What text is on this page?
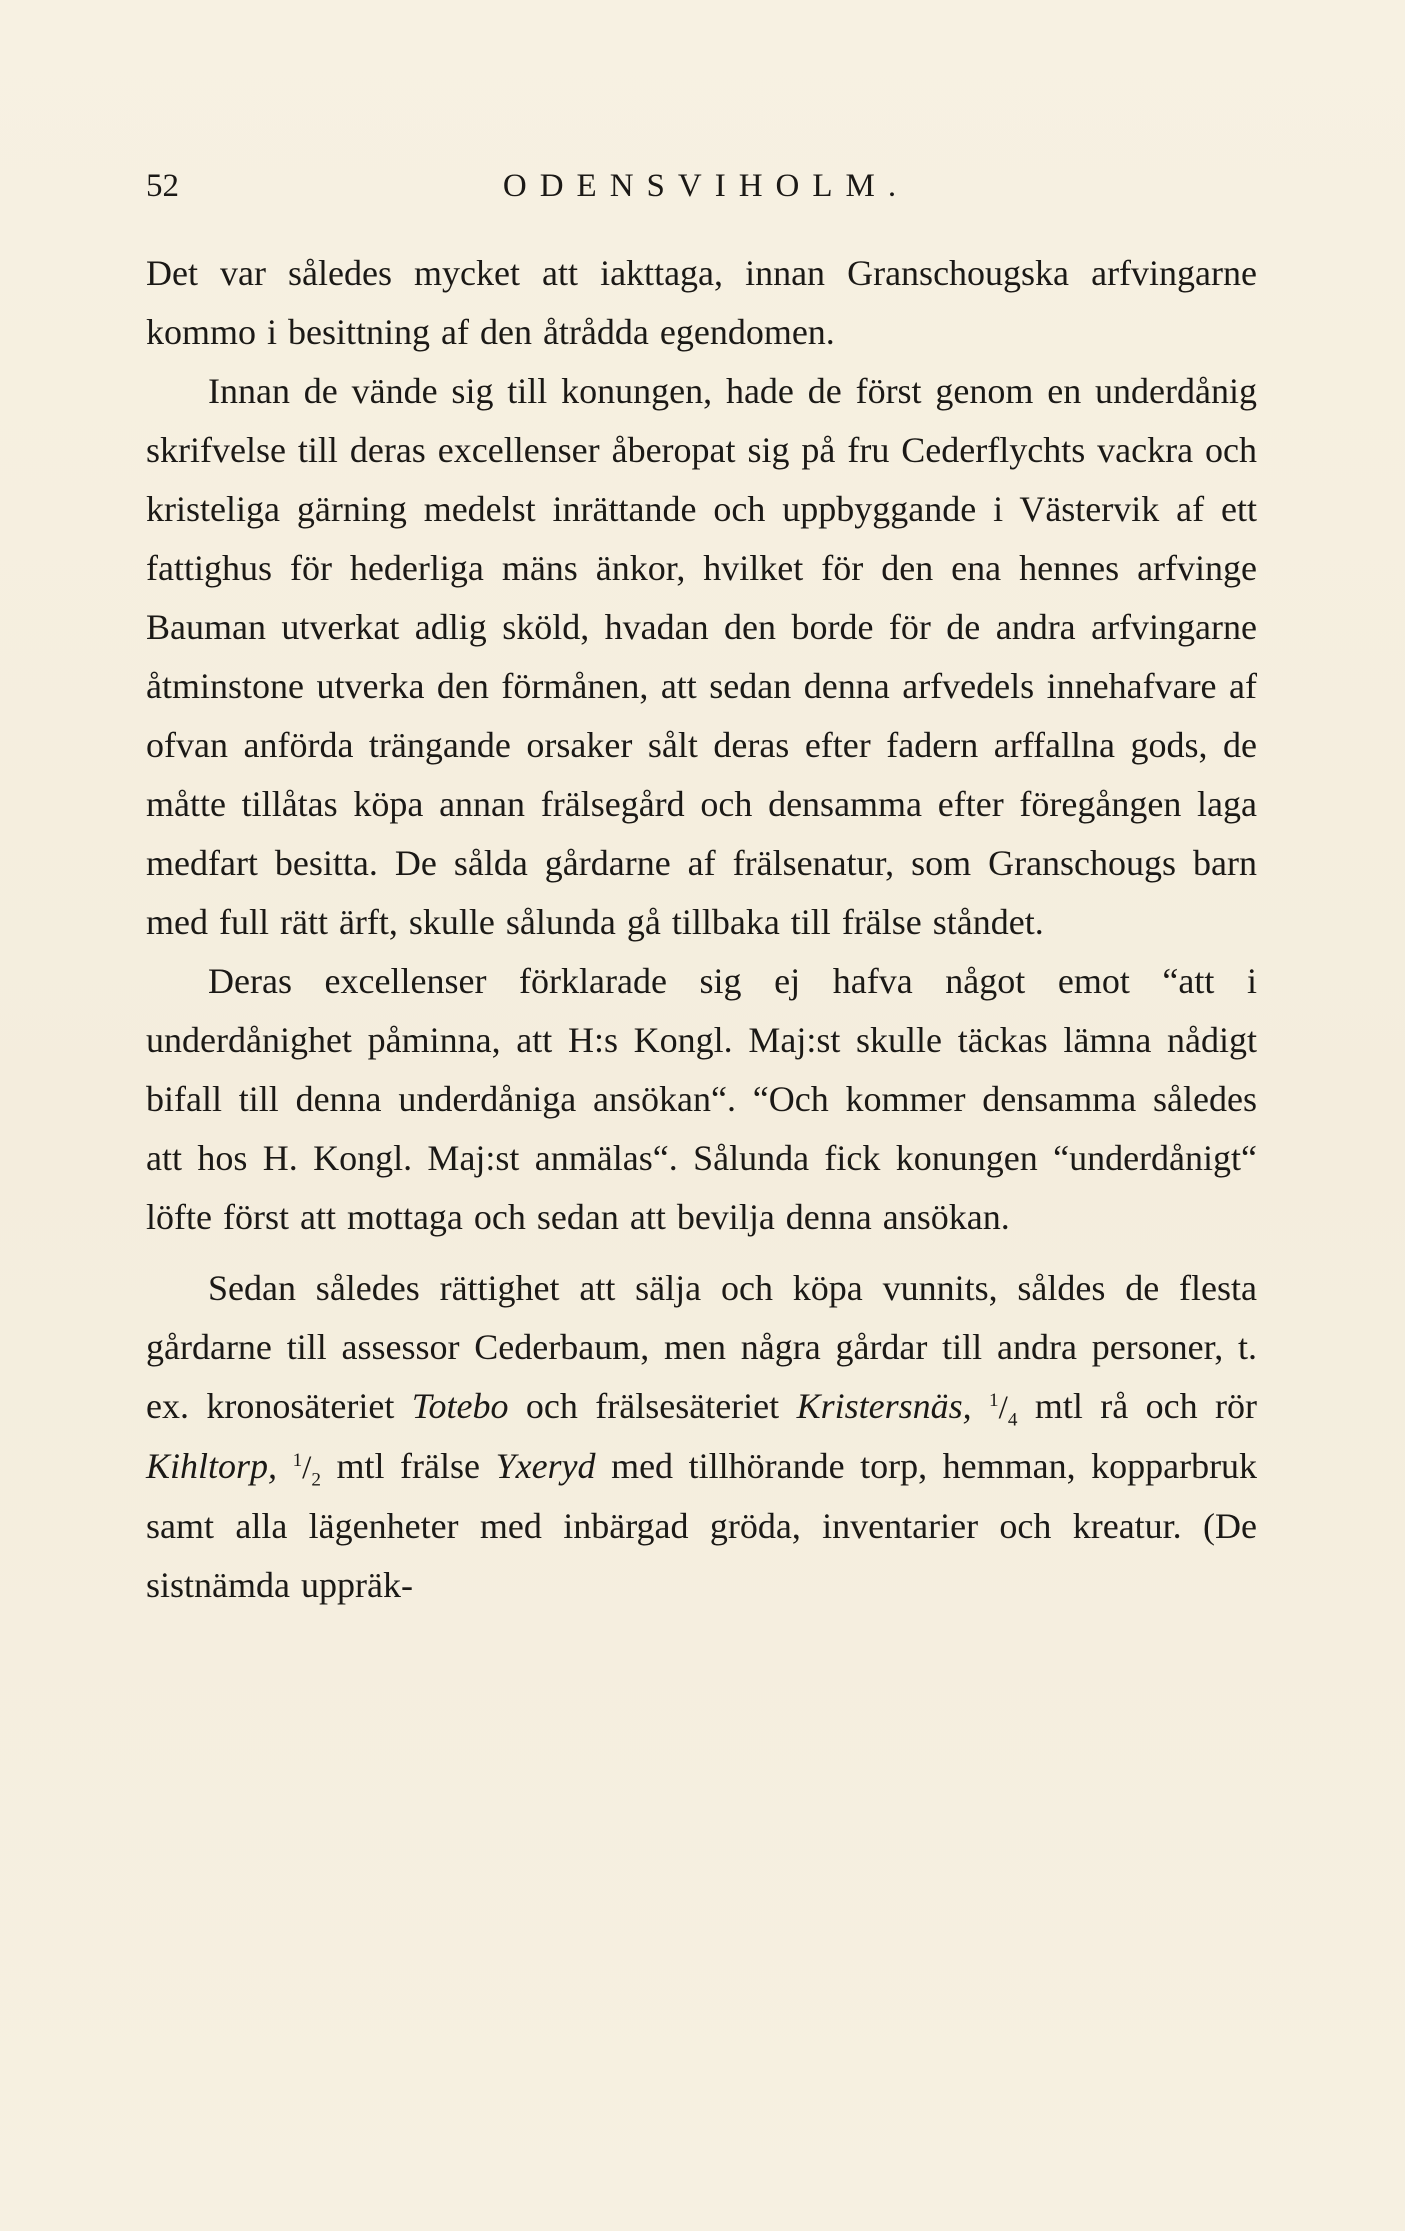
52	ODENSVIHOLM.

Det var således mycket att iakttaga, innan Granschougska arfvingarne kommo i besittning af den åtrådda egendomen.

Innan de vände sig till konungen, hade de först genom en underdånig skrifvelse till deras excellenser åberopat sig på fru Cederflychts vackra och kristeliga gärning medelst inrättande och uppbyggande i Västervik af ett fattighus för hederliga mäns änkor, hvilket för den ena hennes arfvinge Bauman utverkat adlig sköld, hvadan den borde för de andra arfvingarne åtminstone utverka den förmånen, att sedan denna arfvedels innehafvare af ofvan anförda trängande orsaker sålt deras efter fadern arffallna gods, de måtte tillåtas köpa annan frälsegård och densamma efter föregången laga medfart besitta. De sålda gårdarne af frälsenatur, som Granschougs barn med full rätt ärft, skulle sålunda gå tillbaka till frälse ståndet.

Deras excellenser förklarade sig ej hafva något emot “att i underdånighet påminna, att H:s Kongl. Maj:st skulle täckas lämna nådigt bifall till denna underdåniga ansökan“. “Och kommer densamma således att hos H. Kongl. Maj:st anmälas“. Sålunda fick konungen “underdånigt“ löfte först att mottaga och sedan att bevilja denna ansökan.

Sedan således rättighet att sälja och köpa vunnits, såldes de flesta gårdarne till assessor Cederbaum, men några gårdar till andra personer, t. ex. kronosäteriet Totebo och frälsesäteriet Kristersnäs, $^1/_4$ mtl rå och rör Kihltorp, $^1/_2$ mtl frälse Yxeryd med tillhörande torp, hemman, kopparbruk samt alla lägenheter med inbärgad gröda, inventarier och kreatur. (De sistnämda uppräk-
